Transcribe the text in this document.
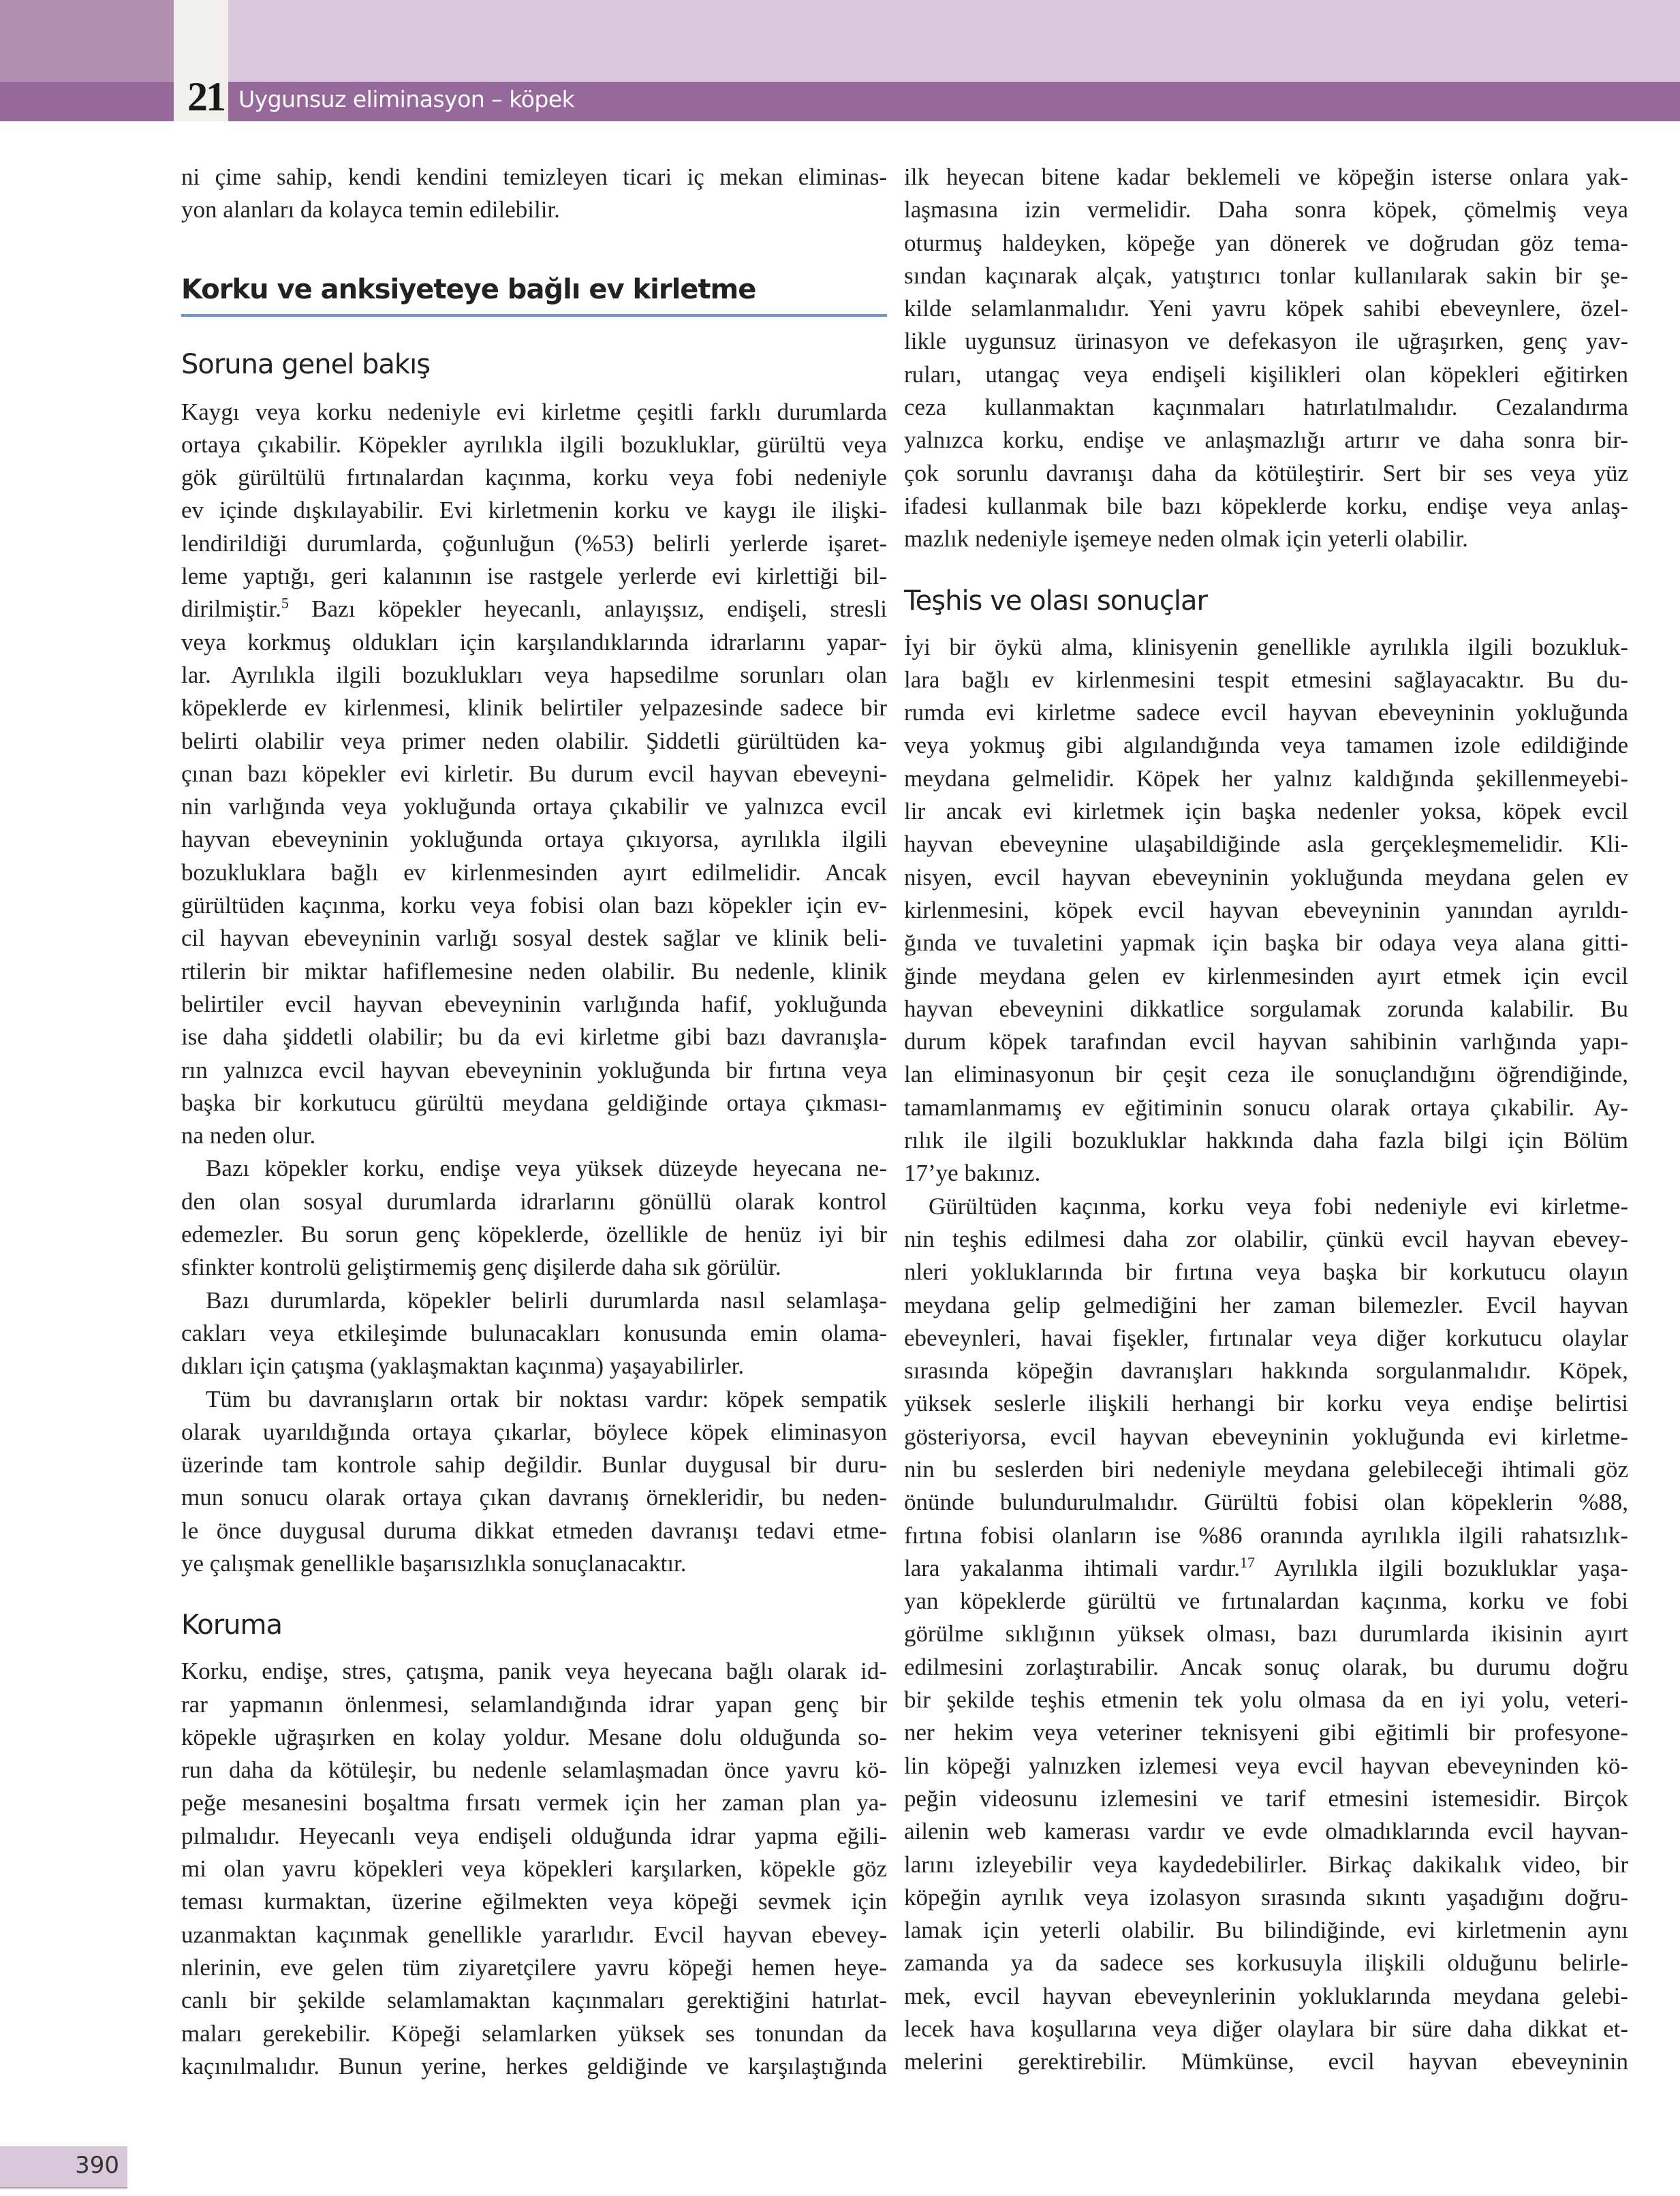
21 Uygunsuz eliminasyon – köpek
ni çime sahip, kendi kendini temizleyen ticari iç mekan eliminas-
yon alanları da kolayca temin edilebilir.
Korku ve anksiyeteye bağlı ev kirletme
Soruna genel bakış
Kaygı veya korku nedeniyle evi kirletme çeşitli farklı durumlarda
ortaya çıkabilir. Köpekler ayrılıkla ilgili bozukluklar, gürültü veya
gök gürültülü fırtınalardan kaçınma, korku veya fobi nedeniyle
ev içinde dışkılayabilir. Evi kirletmenin korku ve kaygı ile ilişki-
lendirildiği durumlarda, çoğunluğun (%53) belirli yerlerde işaret-
leme yaptığı, geri kalanının ise rastgele yerlerde evi kirlettiği bil-
dirilmiştir.$^5$ Bazı köpekler heyecanlı, anlayışsız, endişeli, stresli
veya korkmuş oldukları için karşılandıklarında idrarlarını yapar-
lar. Ayrılıkla ilgili bozuklukları veya hapsedilme sorunları olan
köpeklerde ev kirlenmesi, klinik belirtiler yelpazesinde sadece bir
belirti olabilir veya primer neden olabilir. Şiddetli gürültüden ka-
çınan bazı köpekler evi kirletir. Bu durum evcil hayvan ebeveyni-
nin varlığında veya yokluğunda ortaya çıkabilir ve yalnızca evcil
hayvan ebeveyninin yokluğunda ortaya çıkıyorsa, ayrılıkla ilgili
bozukluklara bağlı ev kirlenmesinden ayırt edilmelidir. Ancak
gürültüden kaçınma, korku veya fobisi olan bazı köpekler için ev-
cil hayvan ebeveyninin varlığı sosyal destek sağlar ve klinik beli-
rtilerin bir miktar hafiflemesine neden olabilir. Bu nedenle, klinik
belirtiler evcil hayvan ebeveyninin varlığında hafif, yokluğunda
ise daha şiddetli olabilir; bu da evi kirletme gibi bazı davranışla-
rın yalnızca evcil hayvan ebeveyninin yokluğunda bir fırtına veya
başka bir korkutucu gürültü meydana geldiğinde ortaya çıkması-
na neden olur.
Bazı köpekler korku, endişe veya yüksek düzeyde heyecana ne-
den olan sosyal durumlarda idrarlarını gönüllü olarak kontrol
edemezler. Bu sorun genç köpeklerde, özellikle de henüz iyi bir
sfinkter kontrolü geliştirmemiş genç dişilerde daha sık görülür.
Bazı durumlarda, köpekler belirli durumlarda nasıl selamlaşa-
cakları veya etkileşimde bulunacakları konusunda emin olama-
dıkları için çatışma (yaklaşmaktan kaçınma) yaşayabilirler.
Tüm bu davranışların ortak bir noktası vardır: köpek sempatik
olarak uyarıldığında ortaya çıkarlar, böylece köpek eliminasyon
üzerinde tam kontrole sahip değildir. Bunlar duygusal bir duru-
mun sonucu olarak ortaya çıkan davranış örnekleridir, bu neden-
le önce duygusal duruma dikkat etmeden davranışı tedavi etme-
ye çalışmak genellikle başarısızlıkla sonuçlanacaktır.
Koruma
Korku, endişe, stres, çatışma, panik veya heyecana bağlı olarak id-
rar yapmanın önlenmesi, selamlandığında idrar yapan genç bir
köpekle uğraşırken en kolay yoldur. Mesane dolu olduğunda so-
run daha da kötüleşir, bu nedenle selamlaşmadan önce yavru kö-
peğe mesanesini boşaltma fırsatı vermek için her zaman plan ya-
pılmalıdır. Heyecanlı veya endişeli olduğunda idrar yapma eğili-
mi olan yavru köpekleri veya köpekleri karşılarken, köpekle göz
teması kurmaktan, üzerine eğilmekten veya köpeği sevmek için
uzanmaktan kaçınmak genellikle yararlıdır. Evcil hayvan ebevey-
nlerinin, eve gelen tüm ziyaretçilere yavru köpeği hemen heye-
canlı bir şekilde selamlamaktan kaçınmaları gerektiğini hatırlat-
maları gerekebilir. Köpeği selamlarken yüksek ses tonundan da
kaçınılmalıdır. Bunun yerine, herkes geldiğinde ve karşılaştığında
ilk heyecan bitene kadar beklemeli ve köpeğin isterse onlara yak-
laşmasına izin vermelidir. Daha sonra köpek, çömelmiş veya
oturmuş haldeyken, köpeğe yan dönerek ve doğrudan göz tema-
sından kaçınarak alçak, yatıştırıcı tonlar kullanılarak sakin bir şe-
kilde selamlanmalıdır. Yeni yavru köpek sahibi ebeveynlere, özel-
likle uygunsuz ürinasyon ve defekasyon ile uğraşırken, genç yav-
ruları, utangaç veya endişeli kişilikleri olan köpekleri eğitirken
ceza kullanmaktan kaçınmaları hatırlatılmalıdır. Cezalandırma
yalnızca korku, endişe ve anlaşmazlığı artırır ve daha sonra bir-
çok sorunlu davranışı daha da kötüleştirir. Sert bir ses veya yüz
ifadesi kullanmak bile bazı köpeklerde korku, endişe veya anlaş-
mazlık nedeniyle işemeye neden olmak için yeterli olabilir.
Teşhis ve olası sonuçlar
İyi bir öykü alma, klinisyenin genellikle ayrılıkla ilgili bozukluk-
lara bağlı ev kirlenmesini tespit etmesini sağlayacaktır. Bu du-
rumda evi kirletme sadece evcil hayvan ebeveyninin yokluğunda
veya yokmuş gibi algılandığında veya tamamen izole edildiğinde
meydana gelmelidir. Köpek her yalnız kaldığında şekillenmeyebi-
lir ancak evi kirletmek için başka nedenler yoksa, köpek evcil
hayvan ebeveynine ulaşabildiğinde asla gerçekleşmemelidir. Kli-
nisyen, evcil hayvan ebeveyninin yokluğunda meydana gelen ev
kirlenmesini, köpek evcil hayvan ebeveyninin yanından ayrıldı-
ğında ve tuvaletini yapmak için başka bir odaya veya alana gitti-
ğinde meydana gelen ev kirlenmesinden ayırt etmek için evcil
hayvan ebeveynini dikkatlice sorgulamak zorunda kalabilir. Bu
durum köpek tarafından evcil hayvan sahibinin varlığında yapı-
lan eliminasyonun bir çeşit ceza ile sonuçlandığını öğrendiğinde,
tamamlanmamış ev eğitiminin sonucu olarak ortaya çıkabilir. Ay-
rılık ile ilgili bozukluklar hakkında daha fazla bilgi için Bölüm
17’ye bakınız.
Gürültüden kaçınma, korku veya fobi nedeniyle evi kirletme-
nin teşhis edilmesi daha zor olabilir, çünkü evcil hayvan ebevey-
nleri yokluklarında bir fırtına veya başka bir korkutucu olayın
meydana gelip gelmediğini her zaman bilemezler. Evcil hayvan
ebeveynleri, havai fişekler, fırtınalar veya diğer korkutucu olaylar
sırasında köpeğin davranışları hakkında sorgulanmalıdır. Köpek,
yüksek seslerle ilişkili herhangi bir korku veya endişe belirtisi
gösteriyorsa, evcil hayvan ebeveyninin yokluğunda evi kirletme-
nin bu seslerden biri nedeniyle meydana gelebileceği ihtimali göz
önünde bulundurulmalıdır. Gürültü fobisi olan köpeklerin %88,
fırtına fobisi olanların ise %86 oranında ayrılıkla ilgili rahatsızlık-
lara yakalanma ihtimali vardır.$^{17}$ Ayrılıkla ilgili bozukluklar yaşa-
yan köpeklerde gürültü ve fırtınalardan kaçınma, korku ve fobi
görülme sıklığının yüksek olması, bazı durumlarda ikisinin ayırt
edilmesini zorlaştırabilir. Ancak sonuç olarak, bu durumu doğru
bir şekilde teşhis etmenin tek yolu olmasa da en iyi yolu, veteri-
ner hekim veya veteriner teknisyeni gibi eğitimli bir profesyone-
lin köpeği yalnızken izlemesi veya evcil hayvan ebeveyninden kö-
peğin videosunu izlemesini ve tarif etmesini istemesidir. Birçok
ailenin web kamerası vardır ve evde olmadıklarında evcil hayvan-
larını izleyebilir veya kaydedebilirler. Birkaç dakikalık video, bir
köpeğin ayrılık veya izolasyon sırasında sıkıntı yaşadığını doğru-
lamak için yeterli olabilir. Bu bilindiğinde, evi kirletmenin aynı
zamanda ya da sadece ses korkusuyla ilişkili olduğunu belirle-
mek, evcil hayvan ebeveynlerinin yokluklarında meydana gelebi-
lecek hava koşullarına veya diğer olaylara bir süre daha dikkat et-
melerini gerektirebilir. Mümkünse, evcil hayvan ebeveyninin
390
